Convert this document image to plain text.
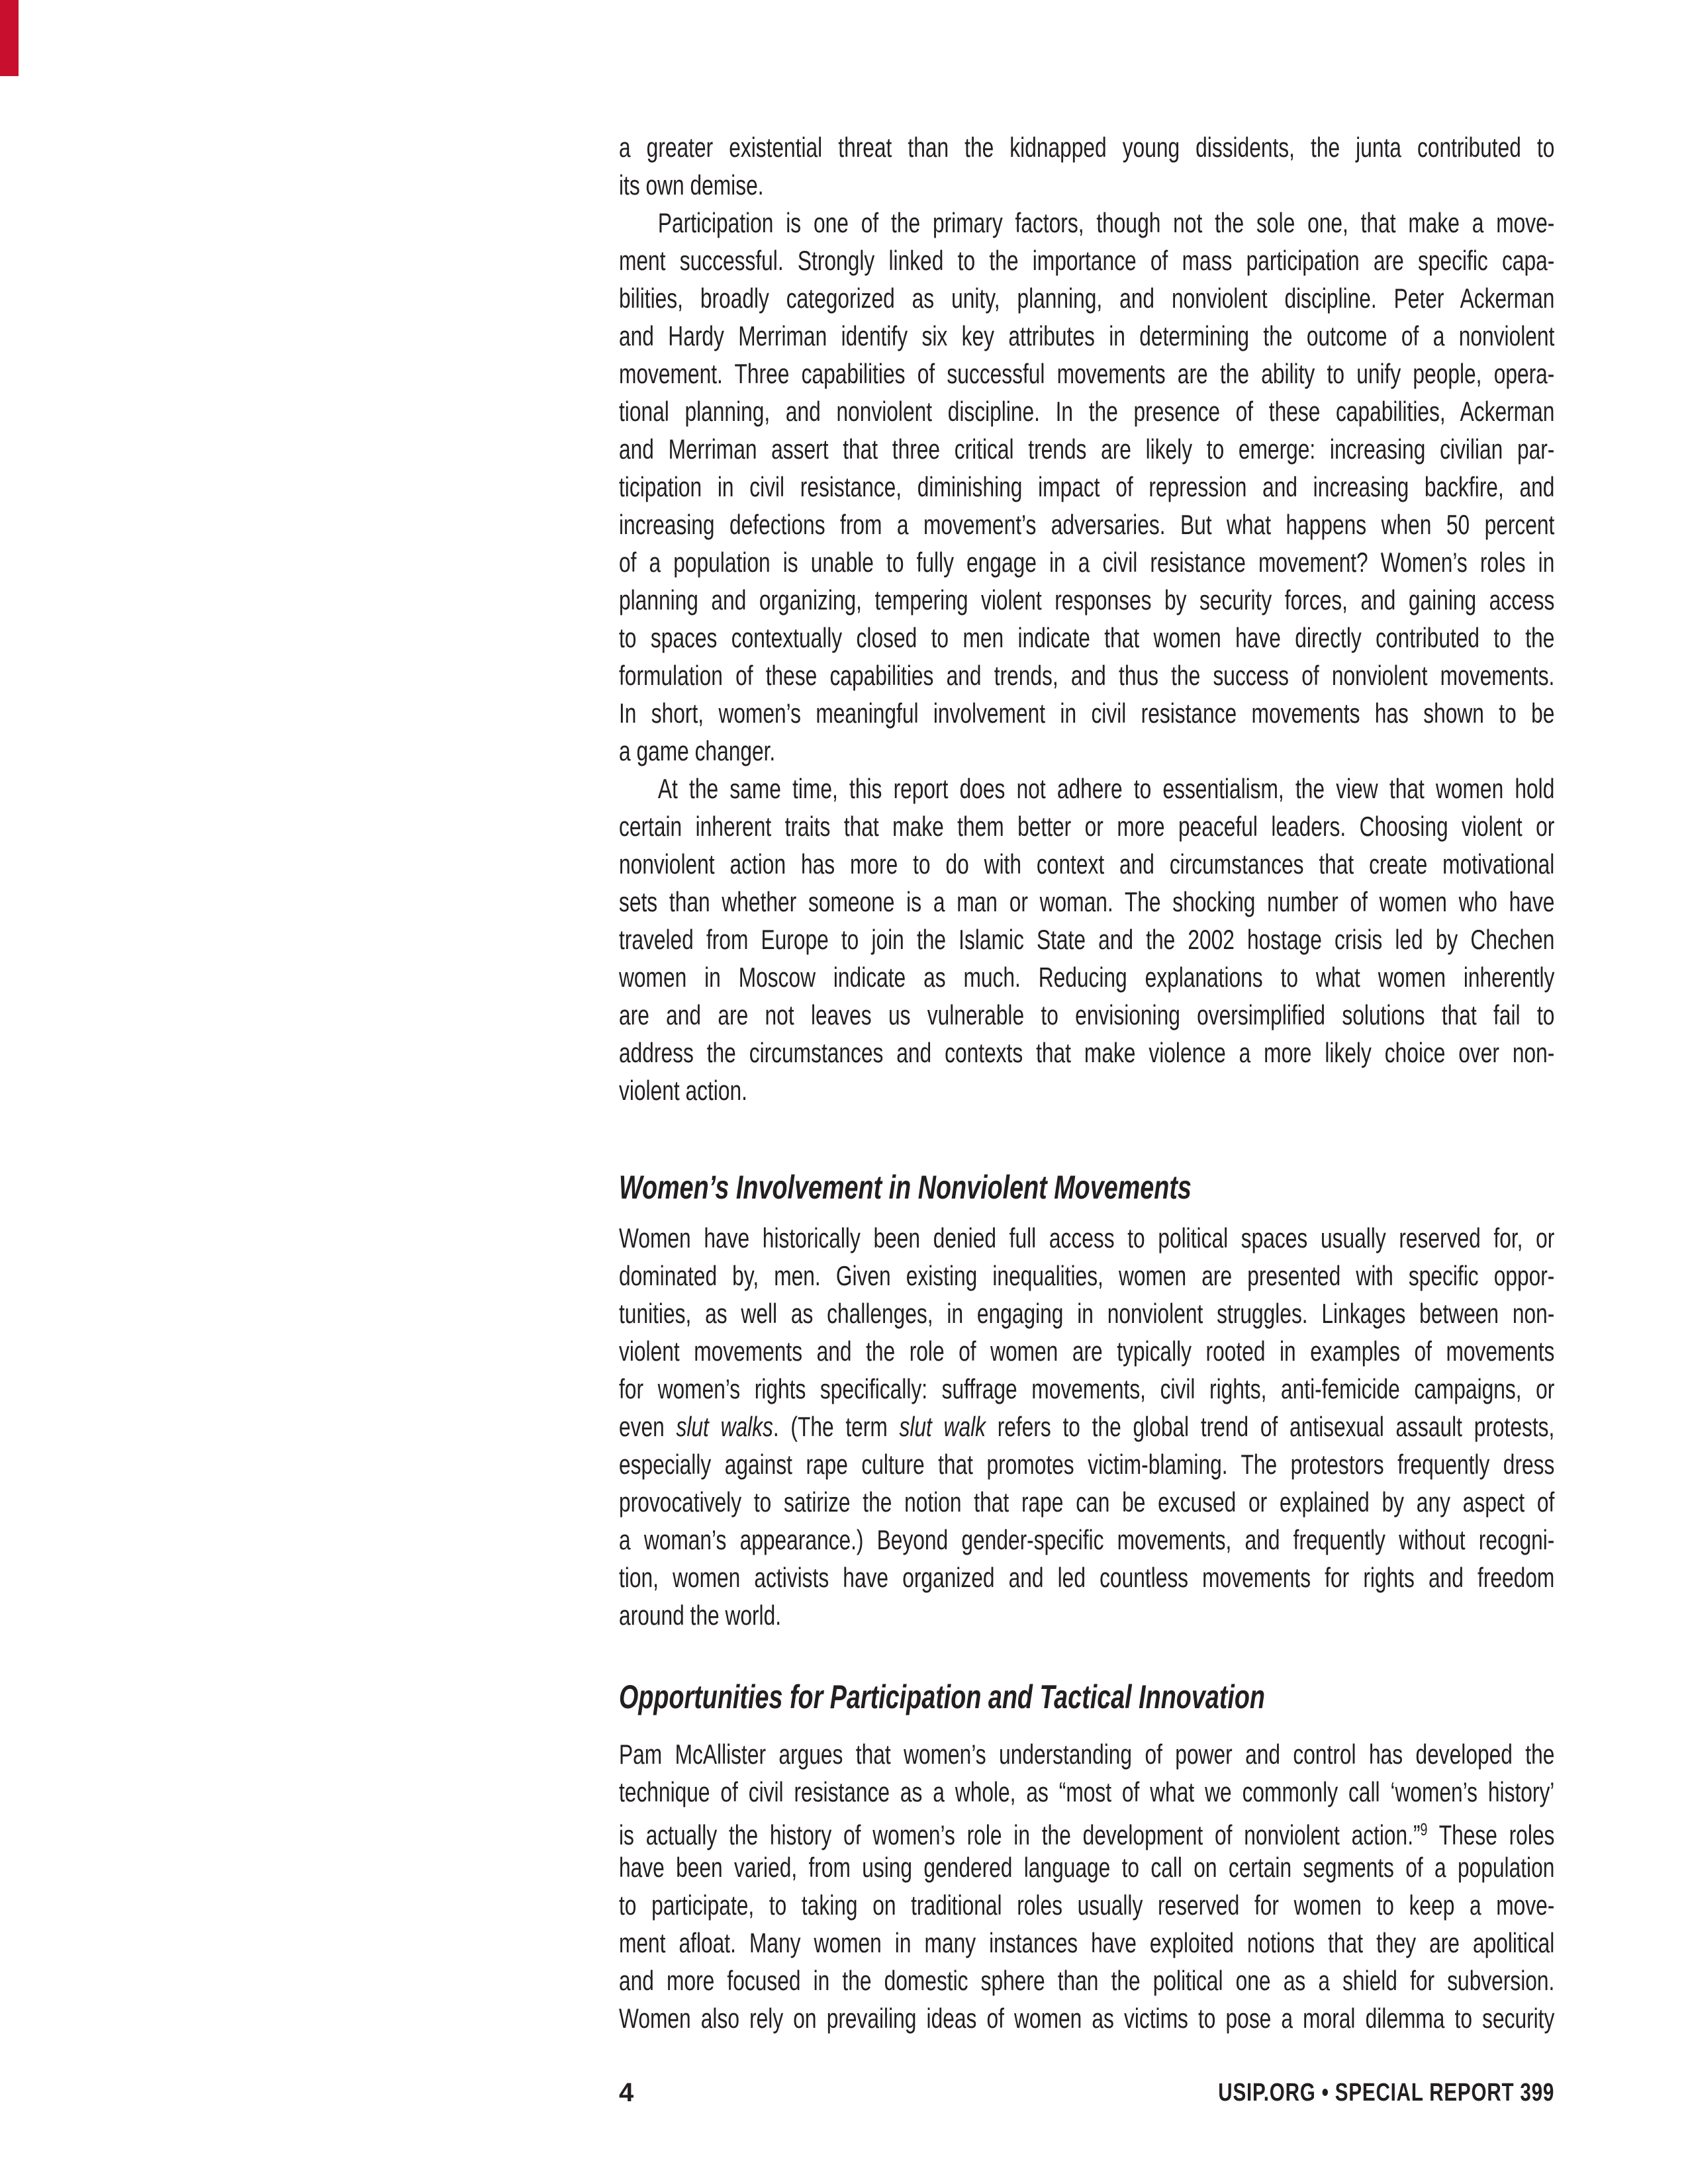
a greater existential threat than the kidnapped young dissidents, the junta contributed to
its own demise.
Participation is one of the primary factors, though not the sole one, that make a move-
ment successful. Strongly linked to the importance of mass participation are specific capa-
bilities, broadly categorized as unity, planning, and nonviolent discipline. Peter Ackerman
and Hardy Merriman identify six key attributes in determining the outcome of a nonviolent
movement. Three capabilities of successful movements are the ability to unify people, opera-
tional planning, and nonviolent discipline. In the presence of these capabilities, Ackerman
and Merriman assert that three critical trends are likely to emerge: increasing civilian par-
ticipation in civil resistance, diminishing impact of repression and increasing backfire, and
increasing defections from a movement’s adversaries. But what happens when 50 percent
of a population is unable to fully engage in a civil resistance movement? Women’s roles in
planning and organizing, tempering violent responses by security forces, and gaining access
to spaces contextually closed to men indicate that women have directly contributed to the
formulation of these capabilities and trends, and thus the success of nonviolent movements.
In short, women’s meaningful involvement in civil resistance movements has shown to be
a game changer.
At the same time, this report does not adhere to essentialism, the view that women hold
certain inherent traits that make them better or more peaceful leaders. Choosing violent or
nonviolent action has more to do with context and circumstances that create motivational
sets than whether someone is a man or woman. The shocking number of women who have
traveled from Europe to join the Islamic State and the 2002 hostage crisis led by Chechen
women in Moscow indicate as much. Reducing explanations to what women inherently
are and are not leaves us vulnerable to envisioning oversimplified solutions that fail to
address the circumstances and contexts that make violence a more likely choice over non-
violent action.
Women’s Involvement in Nonviolent Movements
Women have historically been denied full access to political spaces usually reserved for, or
dominated by, men. Given existing inequalities, women are presented with specific oppor-
tunities, as well as challenges, in engaging in nonviolent struggles. Linkages between non-
violent movements and the role of women are typically rooted in examples of movements
for women’s rights specifically: suffrage movements, civil rights, anti-femicide campaigns, or
even slut walks. (The term slut walk refers to the global trend of antisexual assault protests,
especially against rape culture that promotes victim-blaming. The protestors frequently dress
provocatively to satirize the notion that rape can be excused or explained by any aspect of
a woman’s appearance.) Beyond gender-specific movements, and frequently without recogni-
tion, women activists have organized and led countless movements for rights and freedom
around the world.
Opportunities for Participation and Tactical Innovation
Pam McAllister argues that women’s understanding of power and control has developed the
technique of civil resistance as a whole, as “most of what we commonly call ‘women’s history’
is actually the history of women’s role in the development of nonviolent action.”$^9$ These roles
have been varied, from using gendered language to call on certain segments of a population
to participate, to taking on traditional roles usually reserved for women to keep a move-
ment afloat. Many women in many instances have exploited notions that they are apolitical
and more focused in the domestic sphere than the political one as a shield for subversion.
Women also rely on prevailing ideas of women as victims to pose a moral dilemma to security
4	USIP.ORG • SPECIAL REPORT 399
